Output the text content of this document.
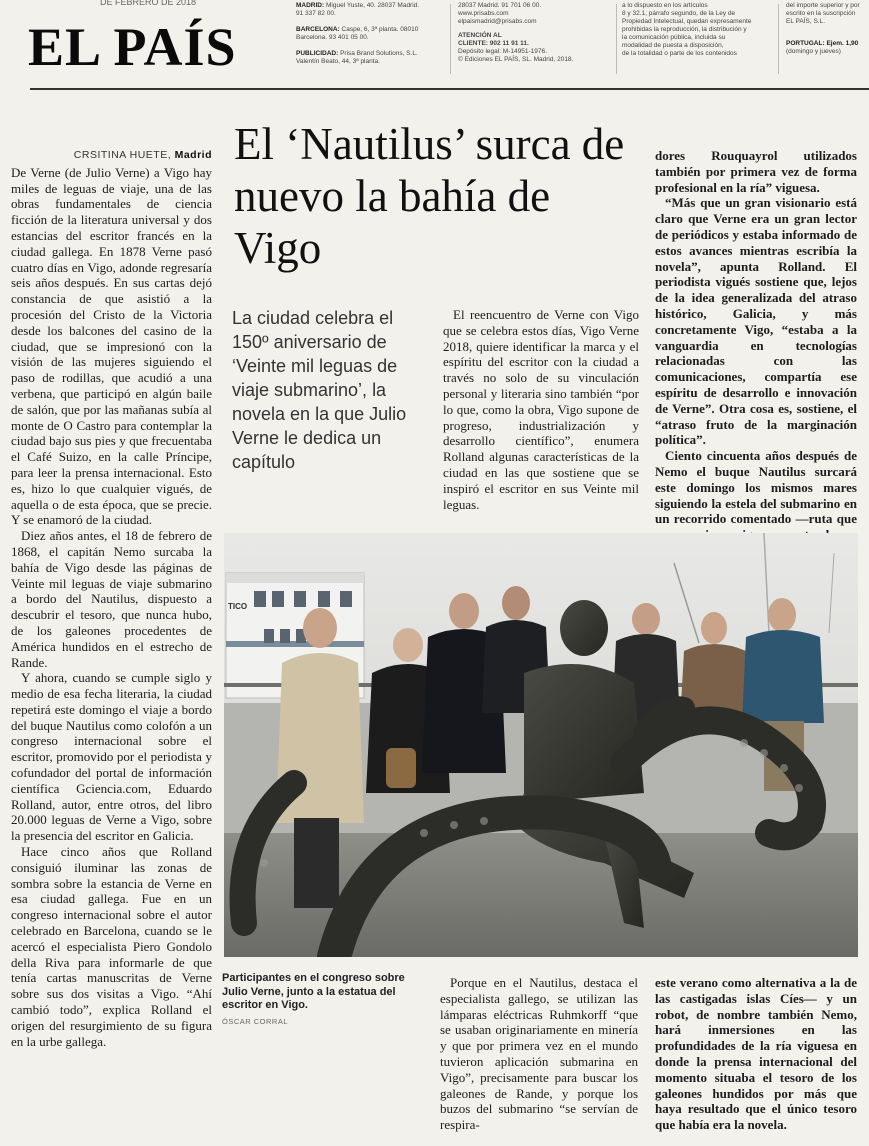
DE FEBRERO DE 2018
EL PAÍS
MADRID: Miguel Yuste, 40. 28037 Madrid.
91 337 82 00.
BARCELONA: Caspe, 6, 3ª planta. 08010
Barcelona. 93 401 05 00.
PUBLICIDAD: Prisa Brand Solutions, S.L.
Valentín Beato, 44, 3ª planta.
28037 Madrid. 91 701 06 00.
www.prisabs.com
elpaismadrid@prisabs.com
ATENCIÓN AL
CLIENTE: 902 11 91 11.
Depósito legal: M-14951-1976.
© Ediciones EL PAÍS, SL. Madrid, 2018.
a lo dispuesto en los artículos
8 y 32.1, párrafo segundo, de la Ley de
Propiedad Intelectual, quedan expresamente
prohibidas la reproducción, la distribución y
la comunicación pública, incluida su
modalidad de puesta a disposición,
de la totalidad o parte de los contenidos
del importe superior y por
escrito en la suscripción
EL PAÍS, S.L.
PORTUGAL: Ejem. 1,90
(domingo y jueves)
CRSITINA HUETE, Madrid

De Verne (de Julio Verne) a Vigo hay miles de leguas de viaje, una de las obras fundamentales de ciencia ficción de la literatura universal y dos estancias del escritor francés en la ciudad gallega. En 1878 Verne pasó cuatro días en Vigo, adonde regresaría seis años después. En sus cartas dejó constancia de que asistió a la procesión del Cristo de la Victoria desde los balcones del casino de la ciudad, que se impresionó con la visión de las mujeres siguiendo el paso de rodillas, que acudió a una verbena, que participó en algún baile de salón, que por las mañanas subía al monte de O Castro para contemplar la ciudad bajo sus pies y que frecuentaba el Café Suizo, en la calle Príncipe, para leer la prensa internacional. Esto es, hizo lo que cualquier vigués, de aquella o de esta época, que se precie. Y se enamoró de la ciudad.

Diez años antes, el 18 de febrero de 1868, el capitán Nemo surcaba la bahía de Vigo desde las páginas de Veinte mil leguas de viaje submarino a bordo del Nautilus, dispuesto a descubrir el tesoro, que nunca hubo, de los galeones procedentes de América hundidos en el estrecho de Rande.

Y ahora, cuando se cumple siglo y medio de esa fecha literaria, la ciudad repetirá este domingo el viaje a bordo del buque Nautilus como colofón a un congreso internacional sobre el escritor, promovido por el periodista y cofundador del portal de información científica Gciencia.com, Eduardo Rolland, autor, entre otros, del libro 20.000 leguas de Verne a Vigo, sobre la presencia del escritor en Galicia.

Hace cinco años que Rolland consiguió iluminar las zonas de sombra sobre la estancia de Verne en esa ciudad gallega. Fue en un congreso internacional sobre el autor celebrado en Barcelona, cuando se le acercó el especialista Piero Gondolo della Riva para informarle de que tenía cartas manuscritas de Verne sobre sus dos visitas a Vigo. “Ahí cambió todo”, explica Rolland el origen del resurgimiento de su figura en la urbe gallega.

El ‘Nautilus’ surca de nuevo la bahía de Vigo
La ciudad celebra el 150º aniversario de ‘Veinte mil leguas de viaje submarino’, la novela en la que Julio Verne le dedica un capítulo

El reencuentro de Verne con Vigo que se celebra estos días, Vigo Verne 2018, quiere identificar la marca y el espíritu del escritor con la ciudad a través no solo de su vinculación personal y literaria sino también “por lo que, como la obra, Vigo supone de progreso, industrialización y desarrollo científico”, enumera Rolland algunas características de la ciudad en las que sostiene que se inspiró el escritor en sus Veinte mil leguas.

dores Rouquayrol utilizados también por primera vez de forma profesional en la ría” viguesa.

“Más que un gran visionario está claro que Verne era un gran lector de periódicos y estaba informado de estos avances mientras escribía la novela”, apunta Rolland. El periodista vigués sostiene que, lejos de la idea generalizada del atraso histórico, Galicia, y más concretamente Vigo, “estaba a la vanguardia en tecnologías relacionadas con las comunicaciones, compartía ese espíritu de desarrollo e innovación de Verne”. Otra cosa es, sostiene, el “atraso fruto de la marginación política”.

Ciento cincuenta años después de Nemo el buque Nautilus surcará este domingo los mismos mares siguiendo la estela del submarino en un recorrido comentado —ruta que

TICO
Participantes en el congreso sobre Julio Verne, junto a la estatua del escritor en Vigo.
ÓSCAR CORRAL

Porque en el Nautilus, destaca el especialista gallego, se utilizan las lámparas eléctricas Ruhmkorff “que se usaban originariamente en minería y que por primera vez en el mundo tuvieron aplicación submarina en Vigo”, precisamente para buscar los galeones de Rande, y porque los buzos del submarino “se servían de respira-

este verano como alternativa a la de las castigadas islas Cíes— y un robot, de nombre también Nemo, hará inmersiones en las profundidades de la ría viguesa en donde la prensa internacional del momento situaba el tesoro de los galeones hundidos por más que haya resultado que el único tesoro que había era la novela.
